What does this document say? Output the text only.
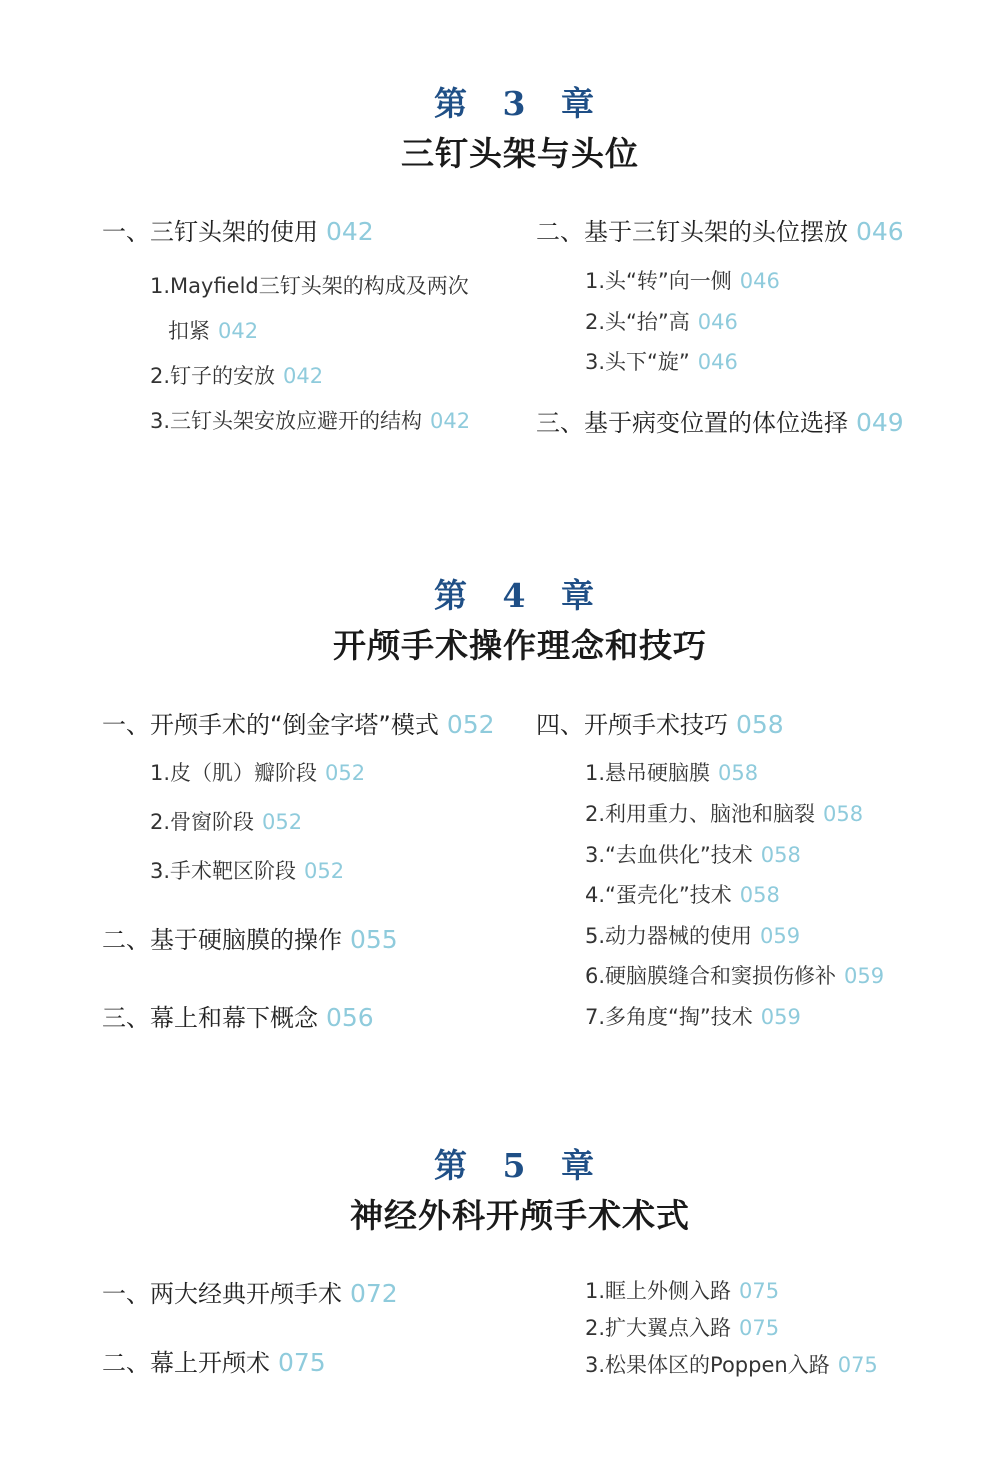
第 3 章
三钉头架与头位
一、三钉头架的使用 042
1.Mayfield三钉头架的构成及两次
扣紧 042
2.钉子的安放 042
3.三钉头架安放应避开的结构 042
二、基于三钉头架的头位摆放 046
1.头“转”向一侧 046
2.头“抬”高 046
3.头下“旋” 046
三、基于病变位置的体位选择 049
第 4 章
开颅手术操作理念和技巧
一、开颅手术的“倒金字塔”模式 052
1.皮（肌）瓣阶段 052
2.骨窗阶段 052
3.手术靶区阶段 052
二、基于硬脑膜的操作 055
三、幕上和幕下概念 056
四、开颅手术技巧 058
1.悬吊硬脑膜 058
2.利用重力、脑池和脑裂 058
3.“去血供化”技术 058
4.“蛋壳化”技术 058
5.动力器械的使用 059
6.硬脑膜缝合和窦损伤修补 059
7.多角度“掏”技术 059
第 5 章
神经外科开颅手术术式
一、两大经典开颅手术 072
二、幕上开颅术 075
1.眶上外侧入路 075
2.扩大翼点入路 075
3.松果体区的Poppen入路 075
